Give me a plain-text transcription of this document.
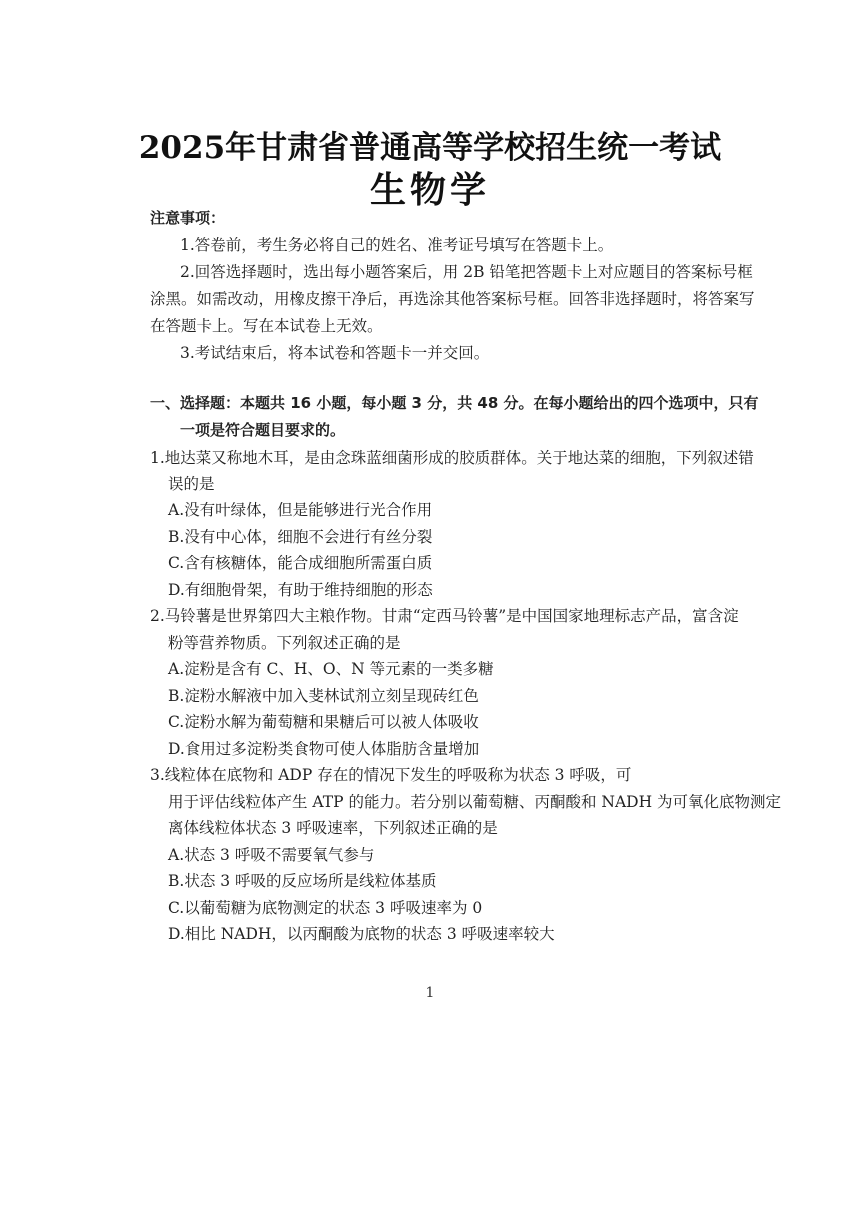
2025年甘肃省普通高等学校招生统一考试
生物学
注意事项：
1.答卷前，考生务必将自己的姓名、准考证号填写在答题卡上。
2.回答选择题时，选出每小题答案后，用 2B 铅笔把答题卡上对应题目的答案标号框
涂黑。如需改动，用橡皮擦干净后，再选涂其他答案标号框。回答非选择题时，将答案写
在答题卡上。写在本试卷上无效。
3.考试结束后，将本试卷和答题卡一并交回。
一、选择题：本题共 16 小题，每小题 3 分，共 48 分。在每小题给出的四个选项中，只有
一项是符合题目要求的。
1.地达菜又称地木耳，是由念珠蓝细菌形成的胶质群体。关于地达菜的细胞，下列叙述错
误的是
A.没有叶绿体，但是能够进行光合作用
B.没有中心体，细胞不会进行有丝分裂
C.含有核糖体，能合成细胞所需蛋白质
D.有细胞骨架，有助于维持细胞的形态
2.马铃薯是世界第四大主粮作物。甘肃“定西马铃薯”是中国国家地理标志产品，富含淀
粉等营养物质。下列叙述正确的是
A.淀粉是含有 C、H、O、N 等元素的一类多糖
B.淀粉水解液中加入斐林试剂立刻呈现砖红色
C.淀粉水解为葡萄糖和果糖后可以被人体吸收
D.食用过多淀粉类食物可使人体脂肪含量增加
3.线粒体在底物和 ADP 存在的情况下发生的呼吸称为状态 3 呼吸，可
用于评估线粒体产生 ATP 的能力。若分别以葡萄糖、丙酮酸和 NADH 为可氧化底物测定
离体线粒体状态 3 呼吸速率，下列叙述正确的是
A.状态 3 呼吸不需要氧气参与
B.状态 3 呼吸的反应场所是线粒体基质
C.以葡萄糖为底物测定的状态 3 呼吸速率为 0
D.相比 NADH，以丙酮酸为底物的状态 3 呼吸速率较大
1
